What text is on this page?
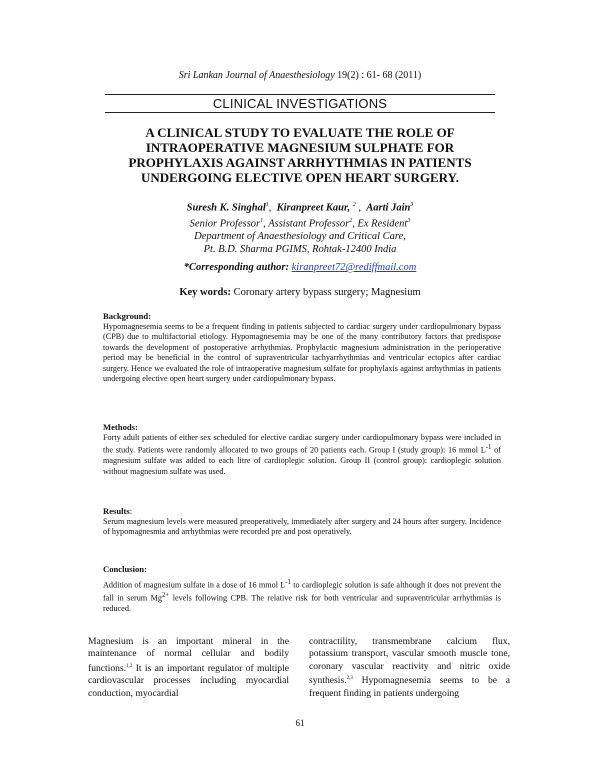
Sri Lankan Journal of Anaesthesiology 19(2) : 61- 68 (2011)
CLINICAL INVESTIGATIONS
A CLINICAL STUDY TO EVALUATE THE ROLE OF
INTRAOPERATIVE MAGNESIUM SULPHATE FOR
PROPHYLAXIS AGAINST ARRHYTHMIAS IN PATIENTS
UNDERGOING ELECTIVE OPEN HEART SURGERY.
Suresh K. Singhal$^1$,  Kiranpreet Kaur, $^2$ ,  Aarti Jain$^3$
Senior Professor$^1$, Assistant Professor$^2$, Ex Resident$^3$
Department of Anaesthesiology and Critical Care,
Pt. B.D. Sharma PGIMS, Rohtak-12400 India
*Corresponding author: kiranpreet72@rediffmail.com
Key words: Coronary artery bypass surgery; Magnesium
Background:

Hypomagnesemia seems to be a frequent finding in patients subjected to cardiac surgery under cardiopulmonary bypass (CPB) due to multifactorial etiology. Hypomagnesemia may be one of the many contributory factors that predispose towards the development of postoperative arrhythmias. Prophylactic magnesium administration in the perioperative period may be beneficial in the control of supraventricular tachyarrhythmias and ventricular ectopics after cardiac surgery. Hence we evaluated the role of intraoperative magnesium sulfate for prophylaxis against arrhythmias in patients undergoing elective open heart surgery under cardiopulmonary bypass.

Methods:

Forty adult patients of either sex scheduled for elective cardiac surgery under cardiopulmonary bypass were included in the study. Patients were randomly allocated to two groups of 20 patients each. Group I (study group): 16 mmol $L^{-1}$ of magnesium sulfate was added to each litre of cardioplegic solution. Group II (control group): cardioplegic solution without magnesium sulfate was used.

Results:

Serum magnesium levels were measured preoperatively, immediately after surgery and 24 hours after surgery. Incidence of hypomagnesmia and arrhythmias were recorded pre and post operatively.

Conclusion:

Addition of magnesium sulfate in a dose of 16 mmol $L^{-1}$ to cardioplegic solution is safe although it does not prevent the fall in serum $Mg^{2+}$ levels following CPB. The relative risk for both ventricular and supraventricular arrhythmias is reduced.

Magnesium is an important mineral in the maintenance of normal cellular and bodily functions.$^{1,2}$ It is an important regulator of multiple cardiovascular processes including myocardial conduction, myocardial
contractility, transmembrane calcium flux, potassium transport, vascular smooth muscle tone, coronary vascular reactivity and nitric oxide synthesis.$^{2,3}$ Hypomagnesemia seems to be a frequent finding in patients undergoing
61
